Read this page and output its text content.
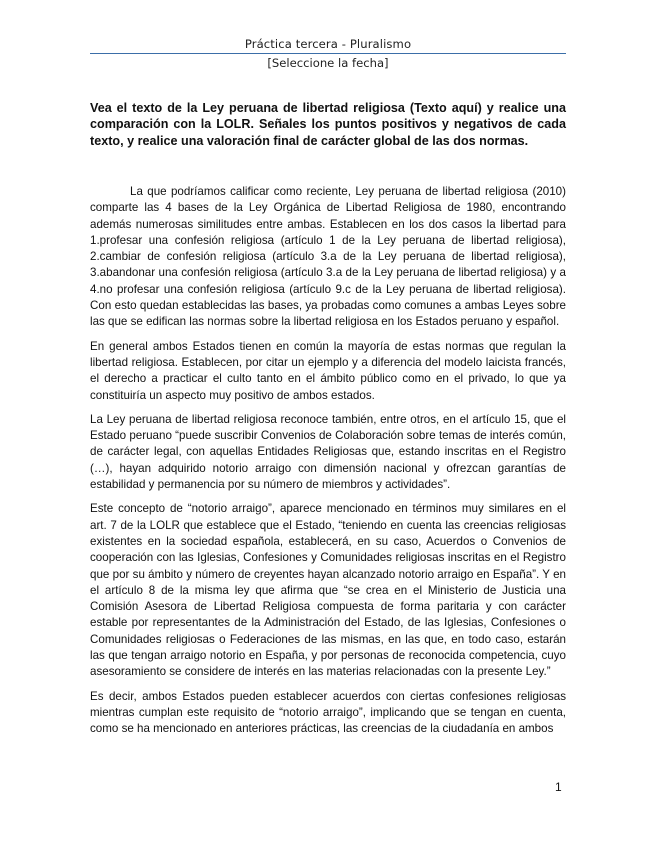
Práctica tercera - Pluralismo
[Seleccione la fecha]
Vea el texto de la Ley peruana de libertad religiosa (Texto aquí) y realice una comparación con la LOLR. Señales los puntos positivos y negativos de cada texto, y realice una valoración final de carácter global de las dos normas.

La que podríamos calificar como reciente, Ley peruana de libertad religiosa (2010) comparte las 4 bases de la Ley Orgánica de Libertad Religiosa de 1980, encontrando además numerosas similitudes entre ambas. Establecen en los dos casos la libertad para 1.profesar una confesión religiosa (artículo 1 de la Ley peruana de libertad religiosa), 2.cambiar de confesión religiosa (artículo 3.a de la Ley peruana de libertad religiosa), 3.abandonar una confesión religiosa (artículo 3.a de la Ley peruana de libertad religiosa) y a 4.no profesar una confesión religiosa (artículo 9.c de la Ley peruana de libertad religiosa). Con esto quedan establecidas las bases, ya probadas como comunes a ambas Leyes sobre las que se edifican las normas sobre la libertad religiosa en los Estados peruano y español.

En general ambos Estados tienen en común la mayoría de estas normas que regulan la libertad religiosa. Establecen, por citar un ejemplo y a diferencia del modelo laicista francés, el derecho a practicar el culto tanto en el ámbito público como en el privado, lo que ya constituiría un aspecto muy positivo de ambos estados.

La Ley peruana de libertad religiosa reconoce también, entre otros, en el artículo 15, que el Estado peruano “puede suscribir Convenios de Colaboración sobre temas de interés común, de carácter legal, con aquellas Entidades Religiosas que, estando inscritas en el Registro (…), hayan adquirido notorio arraigo con dimensión nacional y ofrezcan garantías de estabilidad y permanencia por su número de miembros y actividades”.

Este concepto de “notorio arraigo”, aparece mencionado en términos muy similares en el art. 7 de la LOLR que establece que el Estado, “teniendo en cuenta las creencias religiosas existentes en la sociedad española, establecerá, en su caso, Acuerdos o Convenios de cooperación con las Iglesias, Confesiones y Comunidades religiosas inscritas en el Registro que por su ámbito y número de creyentes hayan alcanzado notorio arraigo en España”. Y en el artículo 8 de la misma ley que afirma que “se crea en el Ministerio de Justicia una Comisión Asesora de Libertad Religiosa compuesta de forma paritaria y con carácter estable por representantes de la Administración del Estado, de las Iglesias, Confesiones o Comunidades religiosas o Federaciones de las mismas, en las que, en todo caso, estarán las que tengan arraigo notorio en España, y por personas de reconocida competencia, cuyo asesoramiento se considere de interés en las materias relacionadas con la presente Ley.”

Es decir, ambos Estados pueden establecer acuerdos con ciertas confesiones religiosas mientras cumplan este requisito de “notorio arraigo”, implicando que se tengan en cuenta, como se ha mencionado en anteriores prácticas, las creencias de la ciudadanía en ambos

1
